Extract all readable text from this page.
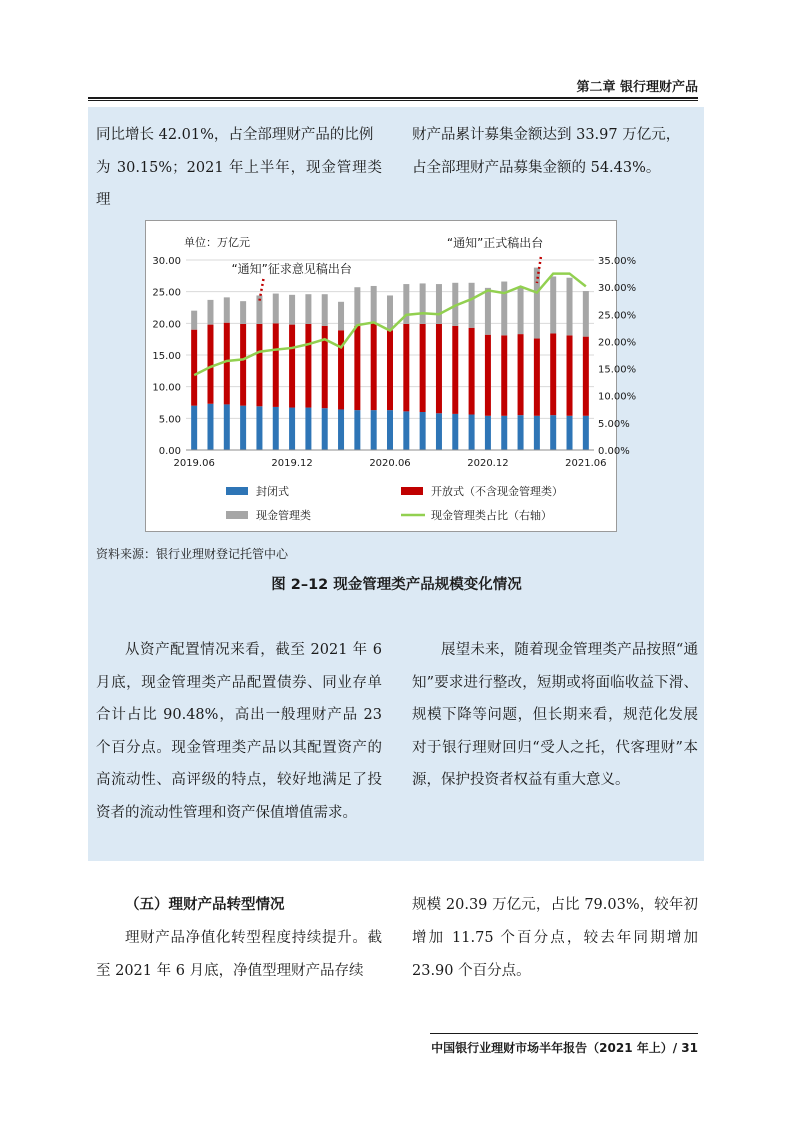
第二章 银行理财产品

同比增长 42.01%，占全部理财产品的比例

为 30.15%；2021 年上半年，现金管理类理

财产品累计募集金额达到 33.97 万亿元，

占全部理财产品募集金额的 54.43%。

0.00
5.00
10.00
15.00
20.00
25.00
30.00
0.00%
5.00%
10.00%
15.00%
20.00%
25.00%
30.00%
35.00%
2019.06	2019.12	2020.06	2020.12	2021.06
“通知”征求意见稿出台
“通知”正式稿出台
封闭式	开放式（不含现金管理类）
现金管理类	现金管理类占比（右轴）
单位：万亿元
资料来源：银行业理财登记托管中心
图 2–12 现金管理类产品规模变化情况

从资产配置情况来看，截至 2021 年 6 月底，现金管理类产品配置债券、同业存单合计占比 90.48%，高出一般理财产品 23 个百分点。现金管理类产品以其配置资产的高流动性、高评级的特点，较好地满足了投资者的流动性管理和资产保值增值需求。

展望未来，随着现金管理类产品按照“通知”要求进行整改，短期或将面临收益下滑、规模下降等问题，但长期来看，规范化发展对于银行理财回归“受人之托，代客理财”本源，保护投资者权益有重大意义。

（五）理财产品转型情况

理财产品净值化转型程度持续提升。截至 2021 年 6 月底，净值型理财产品存续

规模 20.39 万亿元，占比 79.03%，较年初增加 11.75 个百分点，较去年同期增加 23.90 个百分点。

中国银行业理财市场半年报告（2021 年上）/ 31
